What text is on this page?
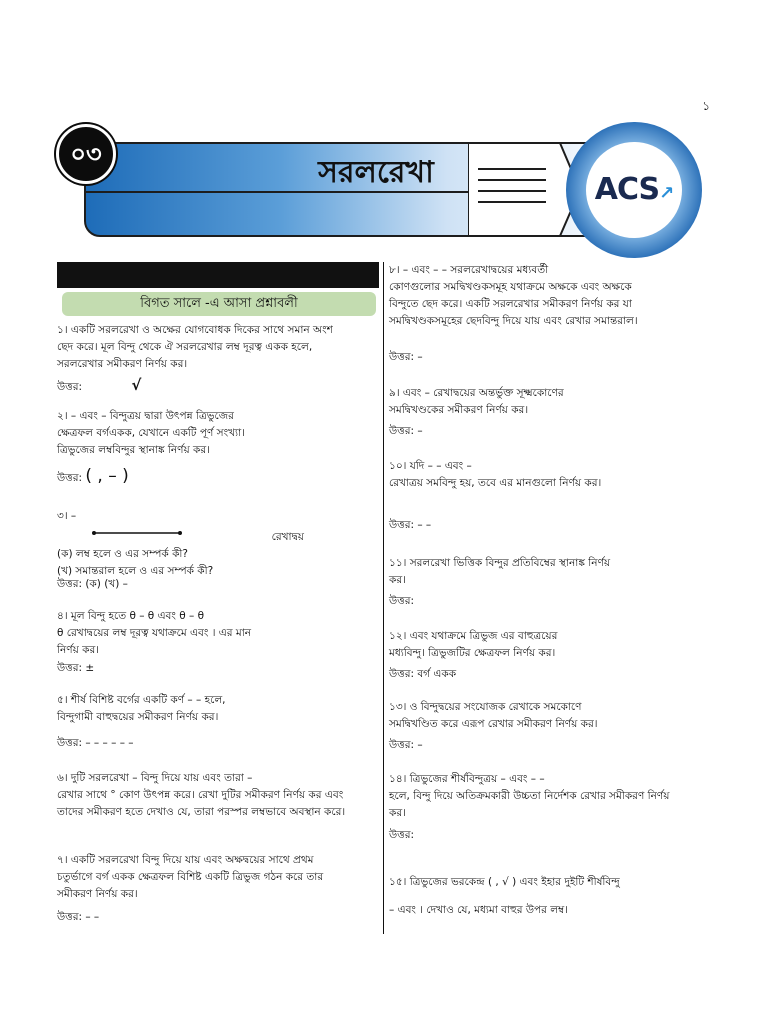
১
সরলরেখা
০৩
ACS↗
বিগত সালে -এ আসা প্রশ্নাবলী
১। একটি সরলরেখা ও অক্ষের যোগবোধক দিকের সাথে সমান অংশ
ছেদ করে। মূল বিন্দু থেকে ঐ সরলরেখার লম্ব দূরত্ব একক হলে,
সরলরেখার সমীকরণ নির্ণয় কর।
উত্তর:	√
২। – এবং – বিন্দুত্রয় দ্বারা উৎপন্ন ত্রিভুজের
ক্ষেত্রফল বর্গএকক, যেখানে একটি পূর্ণ সংখ্যা।
ত্রিভুজের লম্ববিন্দুর স্থানাঙ্ক নির্ণয় কর।
উত্তর: ( , – )
৩। –
রেখাদ্বয়
(ক) লম্ব হলে ও এর সম্পর্ক কী?
(খ) সমান্তরাল হলে ও এর সম্পর্ক কী?
উত্তর: (ক) (খ) –
৪। মূল বিন্দু হতে θ – θ এবং θ – θ
θ রেখাদ্বয়ের লম্ব দূরত্ব যথাক্রমে এবং । এর মান
নির্ণয় কর।
উত্তর: ±
৫। শীর্ষ বিশিষ্ট বর্গের একটি কর্ণ – – হলে,
বিন্দুগামী বাহুদ্বয়ের সমীকরণ নির্ণয় কর।
উত্তর: – – – – – –
৬। দুটি সরলরেখা – বিন্দু দিয়ে যায় এবং তারা –
রেখার সাথে ° কোণ উৎপন্ন করে। রেখা দুটির সমীকরণ নির্ণয় কর এবং
তাদের সমীকরণ হতে দেখাও যে, তারা পরস্পর লম্বভাবে অবস্থান করে।
৭। একটি সরলরেখা বিন্দু দিয়ে যায় এবং অক্ষদ্বয়ের সাথে প্রথম
চতুর্ভাগে বর্গ একক ক্ষেত্রফল বিশিষ্ট একটি ত্রিভুজ গঠন করে তার
সমীকরণ নির্ণয় কর।
উত্তর: – –
৮। – এবং – – সরলরেখাদ্বয়ের মধ্যবর্তী
কোণগুলোর সমদ্বিখণ্ডকসমূহ যথাক্রমে অক্ষকে এবং অক্ষকে
বিন্দুতে ছেদ করে। একটি সরলরেখার সমীকরণ নির্ণয় কর যা
সমদ্বিখণ্ডকসমূহের ছেদবিন্দু দিয়ে যায় এবং রেখার সমান্তরাল।
উত্তর: –
৯। এবং – রেখাদ্বয়ের অন্তর্ভুক্ত সূক্ষ্মকোণের
সমদ্বিখণ্ডকের সমীকরণ নির্ণয় কর।
উত্তর: –
১০। যদি – – এবং –
রেখাত্রয় সমবিন্দু হয়, তবে এর মানগুলো নির্ণয় কর।
উত্তর: – –
১১। সরলরেখা ভিত্তিক বিন্দুর প্রতিবিম্বের স্থানাঙ্ক নির্ণয়
কর।
উত্তর:
১২। এবং যথাক্রমে ত্রিভুজ এর বাহুত্রয়ের
মধ্যবিন্দু। ত্রিভুজটির ক্ষেত্রফল নির্ণয় কর।
উত্তর: বর্গ একক
১৩। ও বিন্দুদ্বয়ের সংযোজক রেখাকে সমকোণে
সমদ্বিখণ্ডিত করে এরূপ রেখার সমীকরণ নির্ণয় কর।
উত্তর: –
১৪। ত্রিভুজের শীর্ষবিন্দুত্রয় – এবং – –
হলে, বিন্দু দিয়ে অতিক্রমকারী উচ্চতা নির্দেশক রেখার সমীকরণ নির্ণয়
কর।
উত্তর:
১৫। ত্রিভুজের ভরকেন্দ্র ( , √ ) এবং ইহার দুইটি শীর্ষবিন্দু
– এবং । দেখাও যে, মধ্যমা বাহুর উপর লম্ব।
